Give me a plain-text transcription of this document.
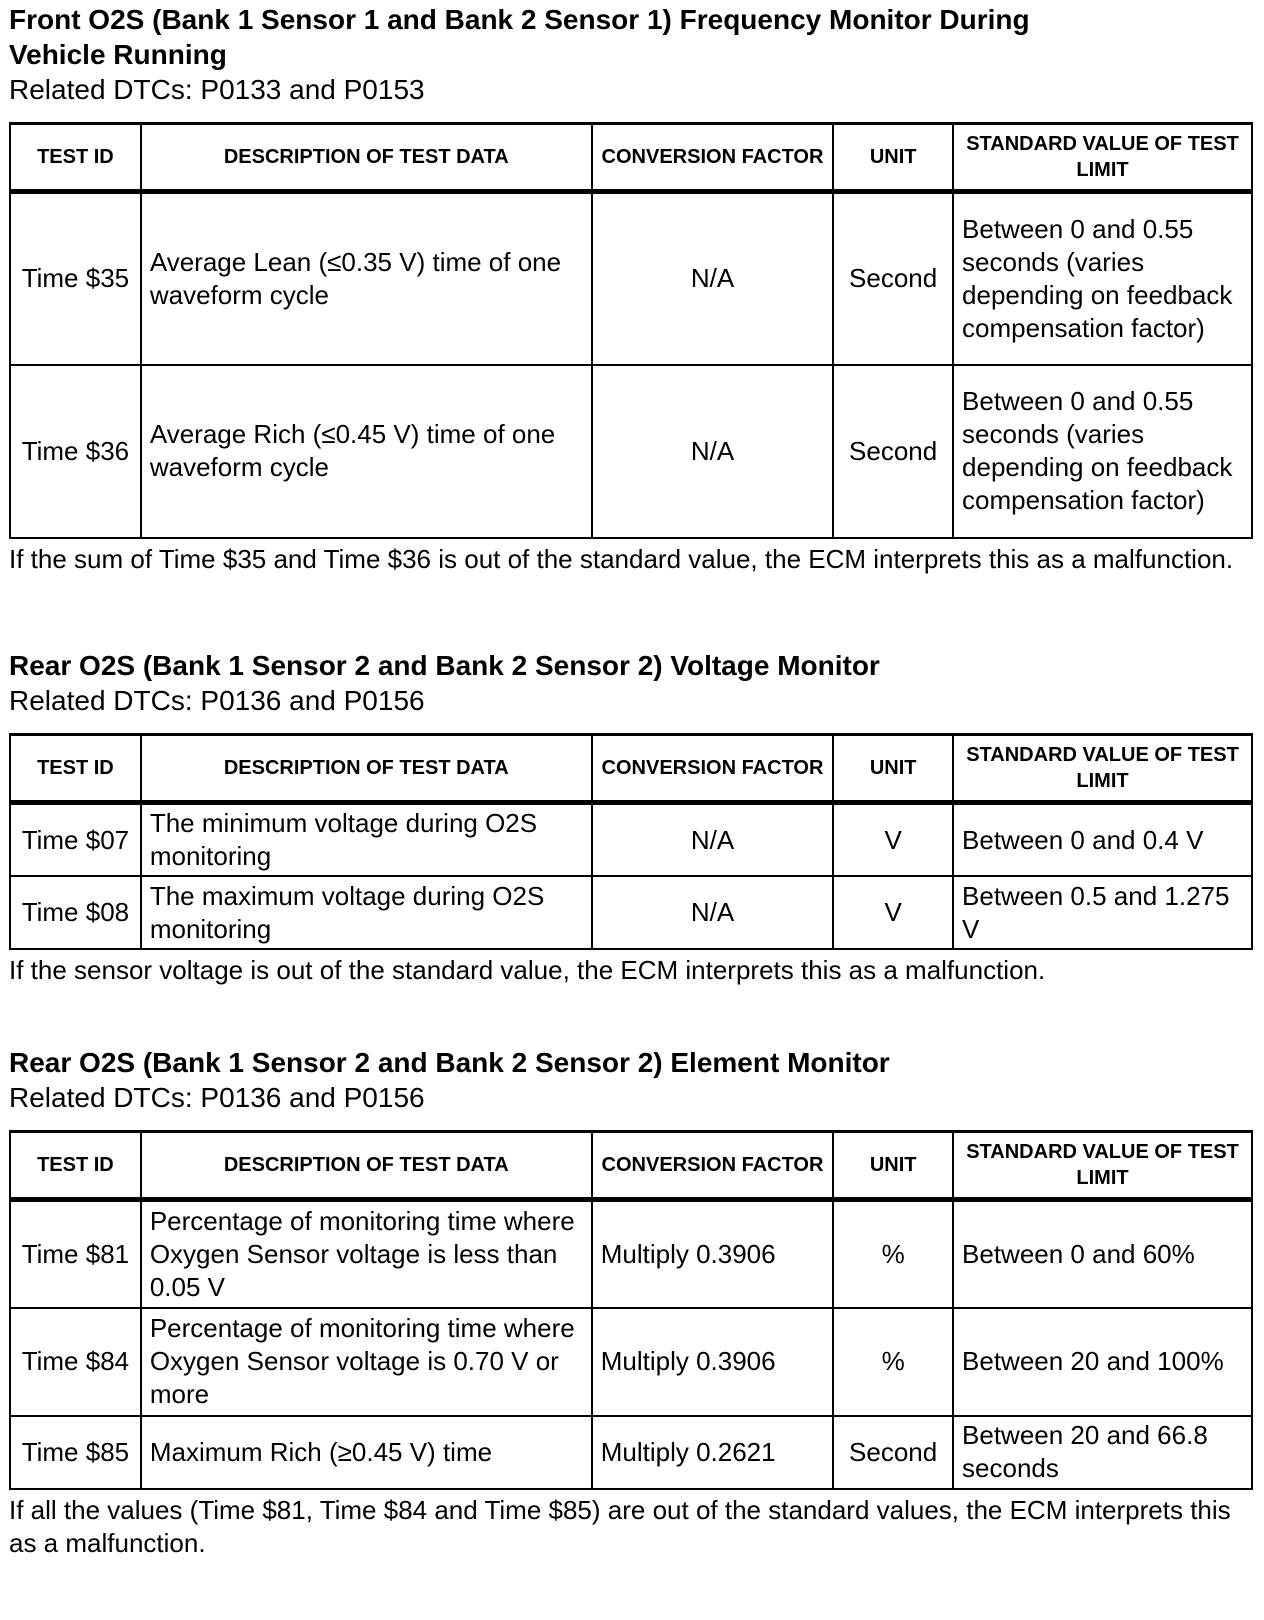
Front O2S (Bank 1 Sensor 1 and Bank 2 Sensor 1) Frequency Monitor During Vehicle Running

Related DTCs: P0133 and P0153

TEST ID	DESCRIPTION OF TEST DATA	CONVERSION FACTOR	UNIT	STANDARD VALUE OF TEST LIMIT
Time $35	Average Lean (≤0.35 V) time of one waveform cycle	N/A	Second	Between 0 and 0.55 seconds (varies depending on feedback compensation factor)
Time $36	Average Rich (≤0.45 V) time of one waveform cycle	N/A	Second	Between 0 and 0.55 seconds (varies depending on feedback compensation factor)

If the sum of Time $35 and Time $36 is out of the standard value, the ECM interprets this as a malfunction.

Rear O2S (Bank 1 Sensor 2 and Bank 2 Sensor 2) Voltage Monitor

Related DTCs: P0136 and P0156

TEST ID	DESCRIPTION OF TEST DATA	CONVERSION FACTOR	UNIT	STANDARD VALUE OF TEST LIMIT
Time $07	The minimum voltage during O2S monitoring	N/A	V	Between 0 and 0.4 V
Time $08	The maximum voltage during O2S monitoring	N/A	V	Between 0.5 and 1.275 V

If the sensor voltage is out of the standard value, the ECM interprets this as a malfunction.

Rear O2S (Bank 1 Sensor 2 and Bank 2 Sensor 2) Element Monitor

Related DTCs: P0136 and P0156

TEST ID	DESCRIPTION OF TEST DATA	CONVERSION FACTOR	UNIT	STANDARD VALUE OF TEST LIMIT
Time $81	Percentage of monitoring time where Oxygen Sensor voltage is less than 0.05 V	Multiply 0.3906	%	Between 0 and 60%
Time $84	Percentage of monitoring time where Oxygen Sensor voltage is 0.70 V or more	Multiply 0.3906	%	Between 20 and 100%
Time $85	Maximum Rich (≥0.45 V) time	Multiply 0.2621	Second	Between 20 and 66.8 seconds

If all the values (Time $81, Time $84 and Time $85) are out of the standard values, the ECM interprets this as a malfunction.
